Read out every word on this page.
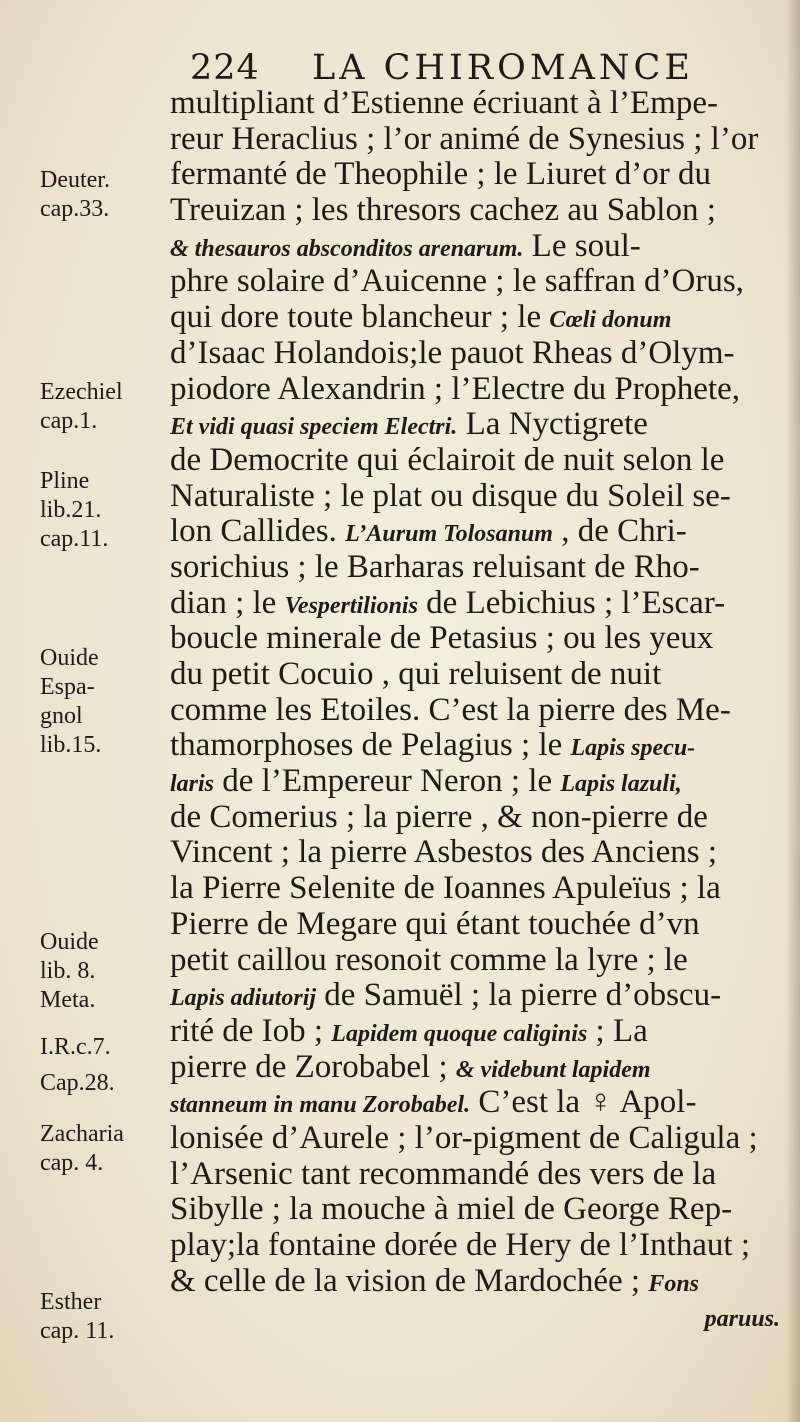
224 LA CHIROMANCE
multipliant d’Estienne écriuant à l’Empe-
reur Heraclius ; l’or animé de Synesius ; l’or
fermanté de Theophile ; le Liuret d’or du
Treuizan ; les thresors cachez au Sablon ;
& thesauros absconditos arenarum. Le soul-
phre solaire d’Auicenne ; le saffran d’Orus,
qui dore toute blancheur ; le Cœli donum
d’Isaac Holandois;le pauot Rheas d’Olym-
piodore Alexandrin ; l’Electre du Prophete,
Et vidi quasi speciem Electri. La Nyctigrete
de Democrite qui éclairoit de nuit selon le
Naturaliste ; le plat ou disque du Soleil se-
lon Callides. L’Aurum Tolosanum , de Chri-
sorichius ; le Barharas reluisant de Rho-
dian ; le Vespertilionis de Lebichius ; l’Escar-
boucle minerale de Petasius ; ou les yeux
du petit Cocuio , qui reluisent de nuit
comme les Etoiles. C’est la pierre des Me-
thamorphoses de Pelagius ; le Lapis specu-
laris de l’Empereur Neron ; le Lapis lazuli,
de Comerius ; la pierre , & non-pierre de
Vincent ; la pierre Asbestos des Anciens ;
la Pierre Selenite de Ioannes Apuleïus ; la
Pierre de Megare qui étant touchée d’vn
petit caillou resonoit comme la lyre ; le
Lapis adiutorij de Samuël ; la pierre d’obscu-
rité de Iob ; Lapidem quoque caliginis ; La
pierre de Zorobabel ; & videbunt lapidem
stanneum in manu Zorobabel. C’est la ♀ Apol-
lonisée d’Aurele ; l’or-pigment de Caligula ;
l’Arsenic tant recommandé des vers de la
Sibylle ; la mouche à miel de George Rep-
play;la fontaine dorée de Hery de l’Inthaut ;
& celle de la vision de Mardochée ; Fons
paruus.
Deuter.
cap.33.
Ezechiel
cap.1.
Pline
lib.21.
cap.11.
Ouide
Espa-
gnol
lib.15.
Ouide
lib. 8.
Meta.
I.R.c.7.
Cap.28.
Zacharia
cap. 4.
Esther
cap. 11.
